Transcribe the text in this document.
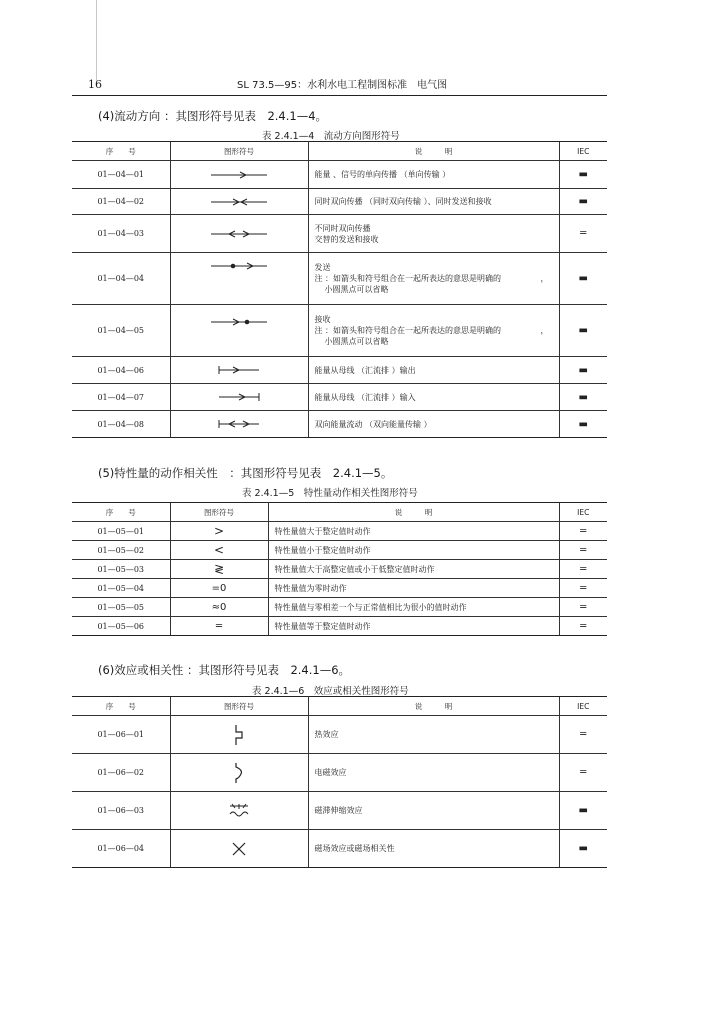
16	SL 73.5—95：水利水电工程制图标准　电气图
(4)流动方向 ：其图形符号见表　2.4.1—4。
表 2.4.1—4　流动方向图形符号
序　　号	图形符号	说　　　明	IEC
01—04—01		能量 、信号的单向传播 （单向传输 ）	▬
01—04—02		同时双向传播 （同时双向传输 ）、同时发送和接收	▬
01—04—03		不同时双向传播
交替的发送和接收	═
01—04—04		发送
注 ：如箭头和符号组合在一起所表达的意思是明确的 ，
小圆黑点可以省略	▬
01—04—05		接收
注 ：如箭头和符号组合在一起所表达的意思是明确的 ，
小圆黑点可以省略	▬
01—04—06		能量从母线 （汇流排 ）输出	▬
01—04—07		能量从母线 （汇流排 ）输入	▬
01—04—08		双向能量流动 （双向能量传输 ）	▬
(5)特性量的动作相关性　：其图形符号见表　2.4.1—5。
表 2.4.1—5　特性量动作相关性图形符号
序　　号	图形符号	说　　　明	IEC
01—05—01	>	特性量值大于整定值时动作	═
01—05—02	<	特性量值小于整定值时动作	═
01—05—03	≷	特性量值大于高整定值或小于低整定值时动作	═
01—05—04	=0	特性量值为零时动作	═
01—05—05	≈0	特性量值与零相差一个与正常值相比为很小的值时动作	═
01—05—06	═	特性量值等于整定值时动作	═
(6)效应或相关性 ：其图形符号见表　2.4.1—6。
表 2.4.1—6　效应或相关性图形符号
序　　号	图形符号	说　　　明	IEC
01—06—01		热效应	═
01—06—02		电磁效应	═
01—06—03		磁滞伸缩效应	▬
01—06—04		磁场效应或磁场相关性	▬
